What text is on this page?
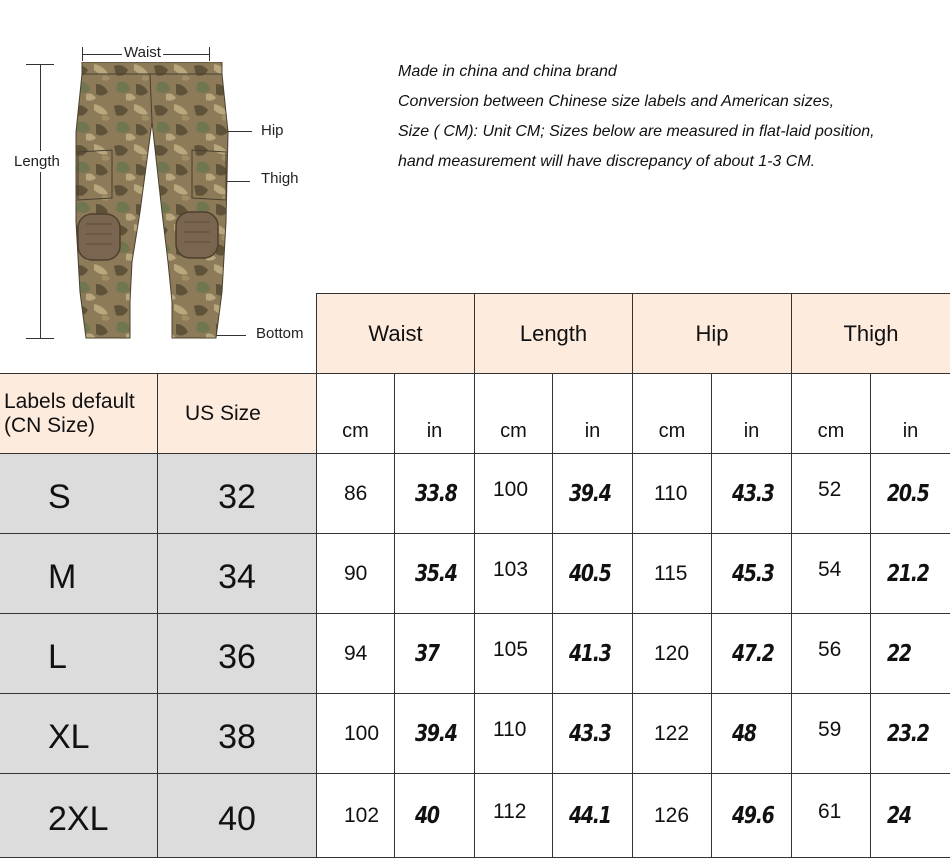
Waist
Length
Hip
Thigh
Bottom
Made in china and china brand
Conversion between Chinese size labels and American sizes,
Size ( CM): Unit CM; Sizes below are measured in flat-laid position,
hand measurement will have discrepancy of about 1-3 CM.
Waist	Length	Hip	Thigh
Labels default (CN Size)
US Size
cm	in	cm	in	cm	in	cm	in
S	32	86	33.8	100	39.4	110	43.3	52	20.5
M	34	90	35.4	103	40.5	115	45.3	54	21.2
L	36	94	37	105	41.3	120	47.2	56	22
XL	38	100	39.4	110	43.3	122	48	59	23.2
2XL	40	102	40	112	44.1	126	49.6	61	24
